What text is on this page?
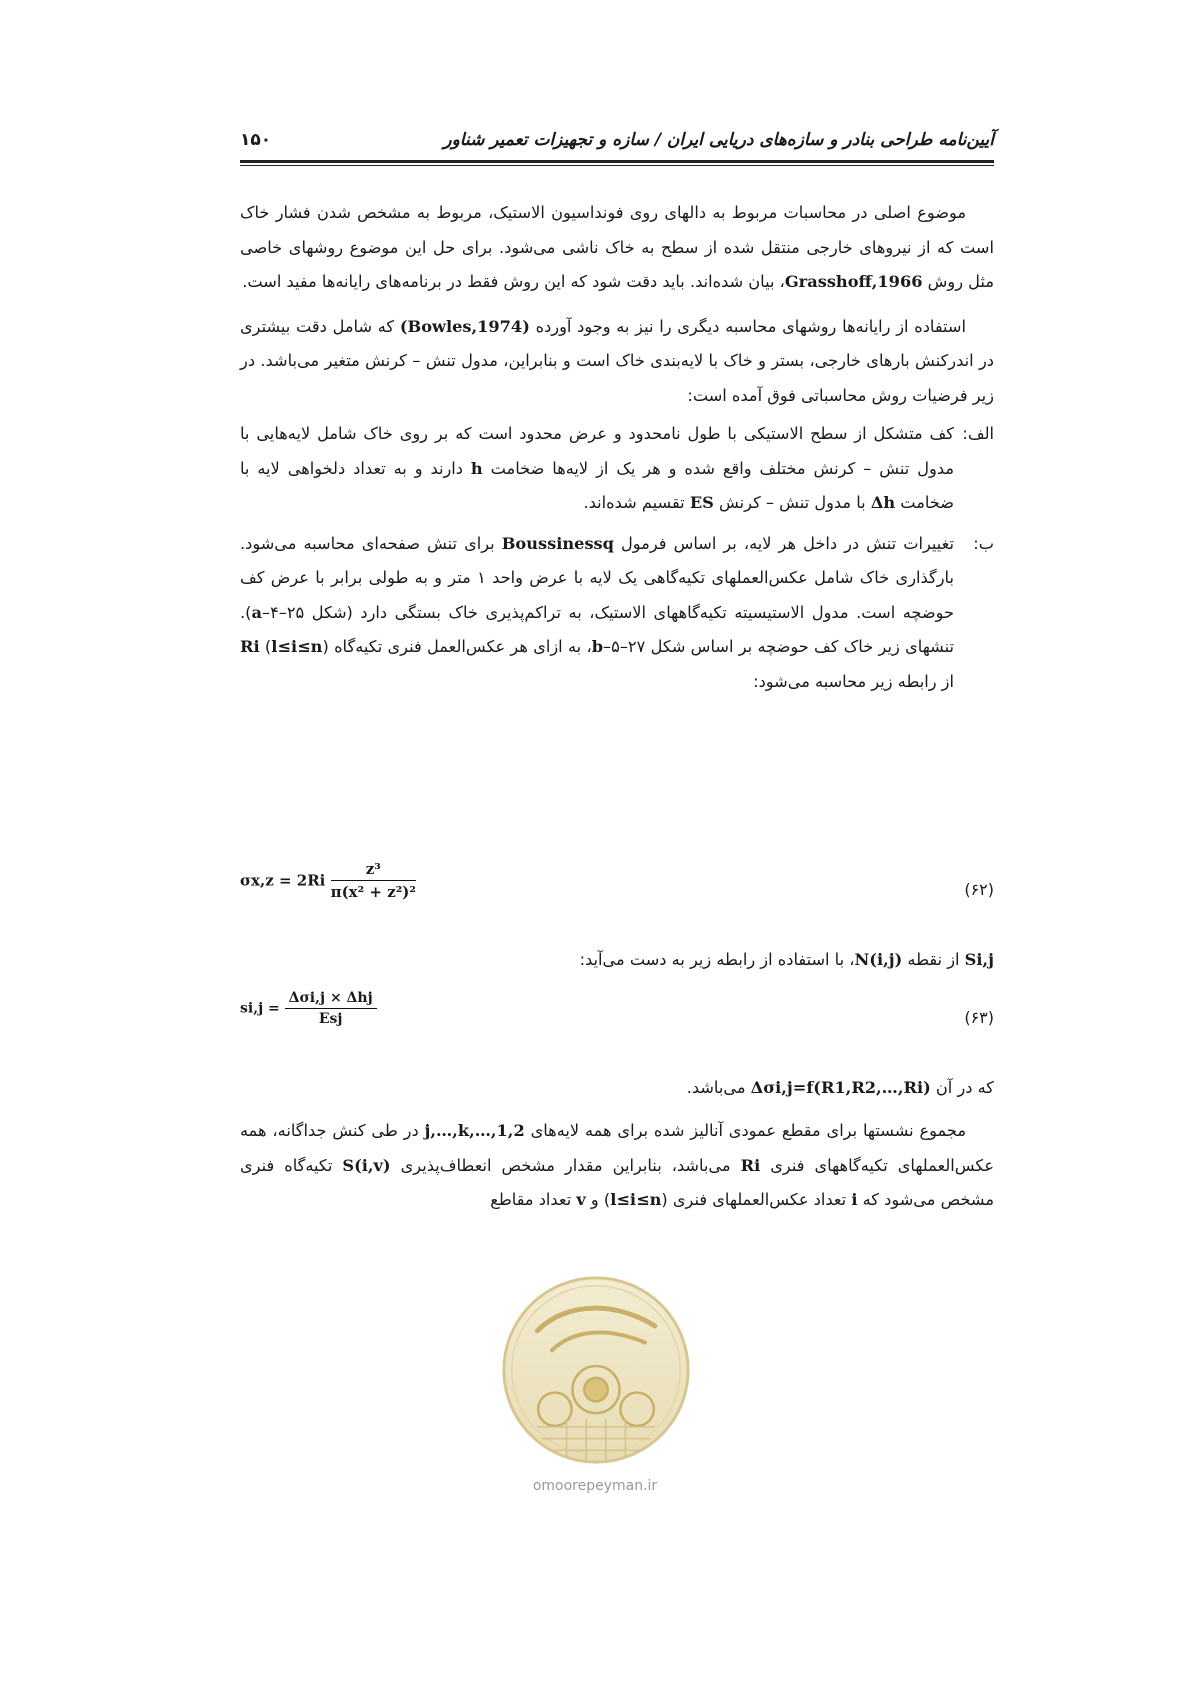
آیین‌نامه طراحی بنادر و سازه‌های دریایی ایران / سازه و تجهیزات تعمیر شناور
۱۵۰

موضوع اصلی در محاسبات مربوط به دالهای روی فونداسیون الاستیک، مربوط به مشخص شدن فشار خاک است که از نیروهای خارجی منتقل شده از سطح به خاک ناشی می‌شود. برای حل این موضوع روشهای خاصی مثل روش Grasshoff,1966، بیان شده‌اند. باید دقت شود که این روش فقط در برنامه‌های رایانه‌ها مفید است.

استفاده از رایانه‌ها روشهای محاسبه دیگری را نیز به وجود آورده (Bowles,1974) که شامل دقت بیشتری در اندرکنش بارهای خارجی، بستر و خاک با لایه‌بندی خاک است و بنابراین، مدول تنش – کرنش متغیر می‌باشد. در زیر فرضیات روش محاسباتی فوق آمده است:

الف:
کف متشکل از سطح الاستیکی با طول نامحدود و عرض محدود است که بر روی خاک شامل لایه‌هایی با مدول تنش – کرنش مختلف واقع شده و هر یک از لایه‌ها ضخامت h دارند و به تعداد دلخواهی لایه با ضخامت Δh با مدول تنش – کرنش ES تقسیم شده‌اند.
ب:
تغییرات تنش در داخل هر لایه، بر اساس فرمول Boussinessq برای تنش صفحه‌ای محاسبه می‌شود. بارگذاری خاک شامل عکس‌العملهای تکیه‌گاهی یک لایه با عرض واحد ۱ متر و به طولی برابر با عرض کف حوضچه است. مدول الاستیسیته تکیه‌گاههای الاستیک، به تراکم‌پذیری خاک بستگی دارد (شکل a–۴–۲۵). تنشهای زیر خاک کف حوضچه بر اساس شکل b–۵–۲۷، به ازای هر عکس‌العمل فنری تکیه‌گاه Ri (l≤i≤n) از رابطه زیر محاسبه می‌شود:
(۶۲)
$\sigma x,z = 2Ri \frac{\text{z³}}{\text{π(x² + z²)²}}$
Si,j از نقطه N(i,j)، با استفاده از رابطه زیر به دست می‌آید:
(۶۳)
$si,j = \frac{\text{Δσi,j × Δhj}}{\text{Esj}}$
که در آن Δσi,j=f(R1,R2,…,Ri) می‌باشد.

مجموع نشستها برای مقطع عمودی آنالیز شده برای همه لایه‌های 1,2,…,j,…,k در طی کنش جداگانه، همه عکس‌العملهای تکیه‌گاههای فنری Ri می‌باشد، بنابراین مقدار مشخص انعطاف‌پذیری S(i,v) تکیه‌گاه فنری مشخص می‌شود که i تعداد عکس‌العملهای فنری (l≤i≤n) و v تعداد مقاطع

omoorepeyman.ir
